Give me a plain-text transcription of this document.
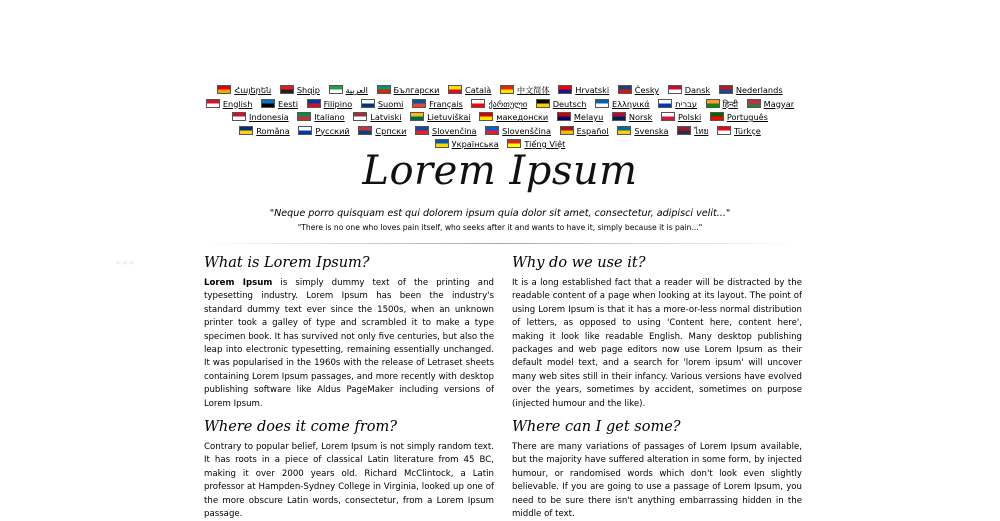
Հայերեն	Shqip	العربية	Български	Català	中文简体	Hrvatski	Česky	Dansk	Nederlands English	Eesti	Filipino	Suomi	Français	ქართული	Deutsch	Ελληνικά	עברית	हिन्दी	Magyar Indonesia	Italiano	Latviski	Lietuviškai	македонски	Melayu	Norsk	Polski	Português Româna	Pyccкий	Српски	Slovenčina	Slovenščina	Español	Svenska	ไทย	Türkçe Українська	Tiếng Việt
Lorem Ipsum
"Neque porro quisquam est qui dolorem ipsum quia dolor sit amet, consectetur, adipisci velit..."
"There is no one who loves pain itself, who seeks after it and wants to have it, simply because it is pain..."
<<<	What is Lorem Ipsum?

Lorem Ipsum is simply dummy text of the printing and typesetting industry. Lorem Ipsum has been the industry's standard dummy text ever since the 1500s, when an unknown printer took a galley of type and scrambled it to make a type specimen book. It has survived not only five centuries, but also the leap into electronic typesetting, remaining essentially unchanged. It was popularised in the 1960s with the release of Letraset sheets containing Lorem Ipsum passages, and more recently with desktop publishing software like Aldus PageMaker including versions of Lorem Ipsum.

Why do we use it?

It is a long established fact that a reader will be distracted by the readable content of a page when looking at its layout. The point of using Lorem Ipsum is that it has a more-or-less normal distribution of letters, as opposed to using 'Content here, content here', making it look like readable English. Many desktop publishing packages and web page editors now use Lorem Ipsum as their default model text, and a search for 'lorem ipsum' will uncover many web sites still in their infancy. Various versions have evolved over the years, sometimes by accident, sometimes on purpose (injected humour and the like).

Where does it come from?

Contrary to popular belief, Lorem Ipsum is not simply random text. It has roots in a piece of classical Latin literature from 45 BC, making it over 2000 years old. Richard McClintock, a Latin professor at Hampden-Sydney College in Virginia, looked up one of the more obscure Latin words, consectetur, from a Lorem Ipsum passage.

Where can I get some?

There are many variations of passages of Lorem Ipsum available, but the majority have suffered alteration in some form, by injected humour, or randomised words which don't look even slightly believable. If you are going to use a passage of Lorem Ipsum, you need to be sure there isn't anything embarrassing hidden in the middle of text.
